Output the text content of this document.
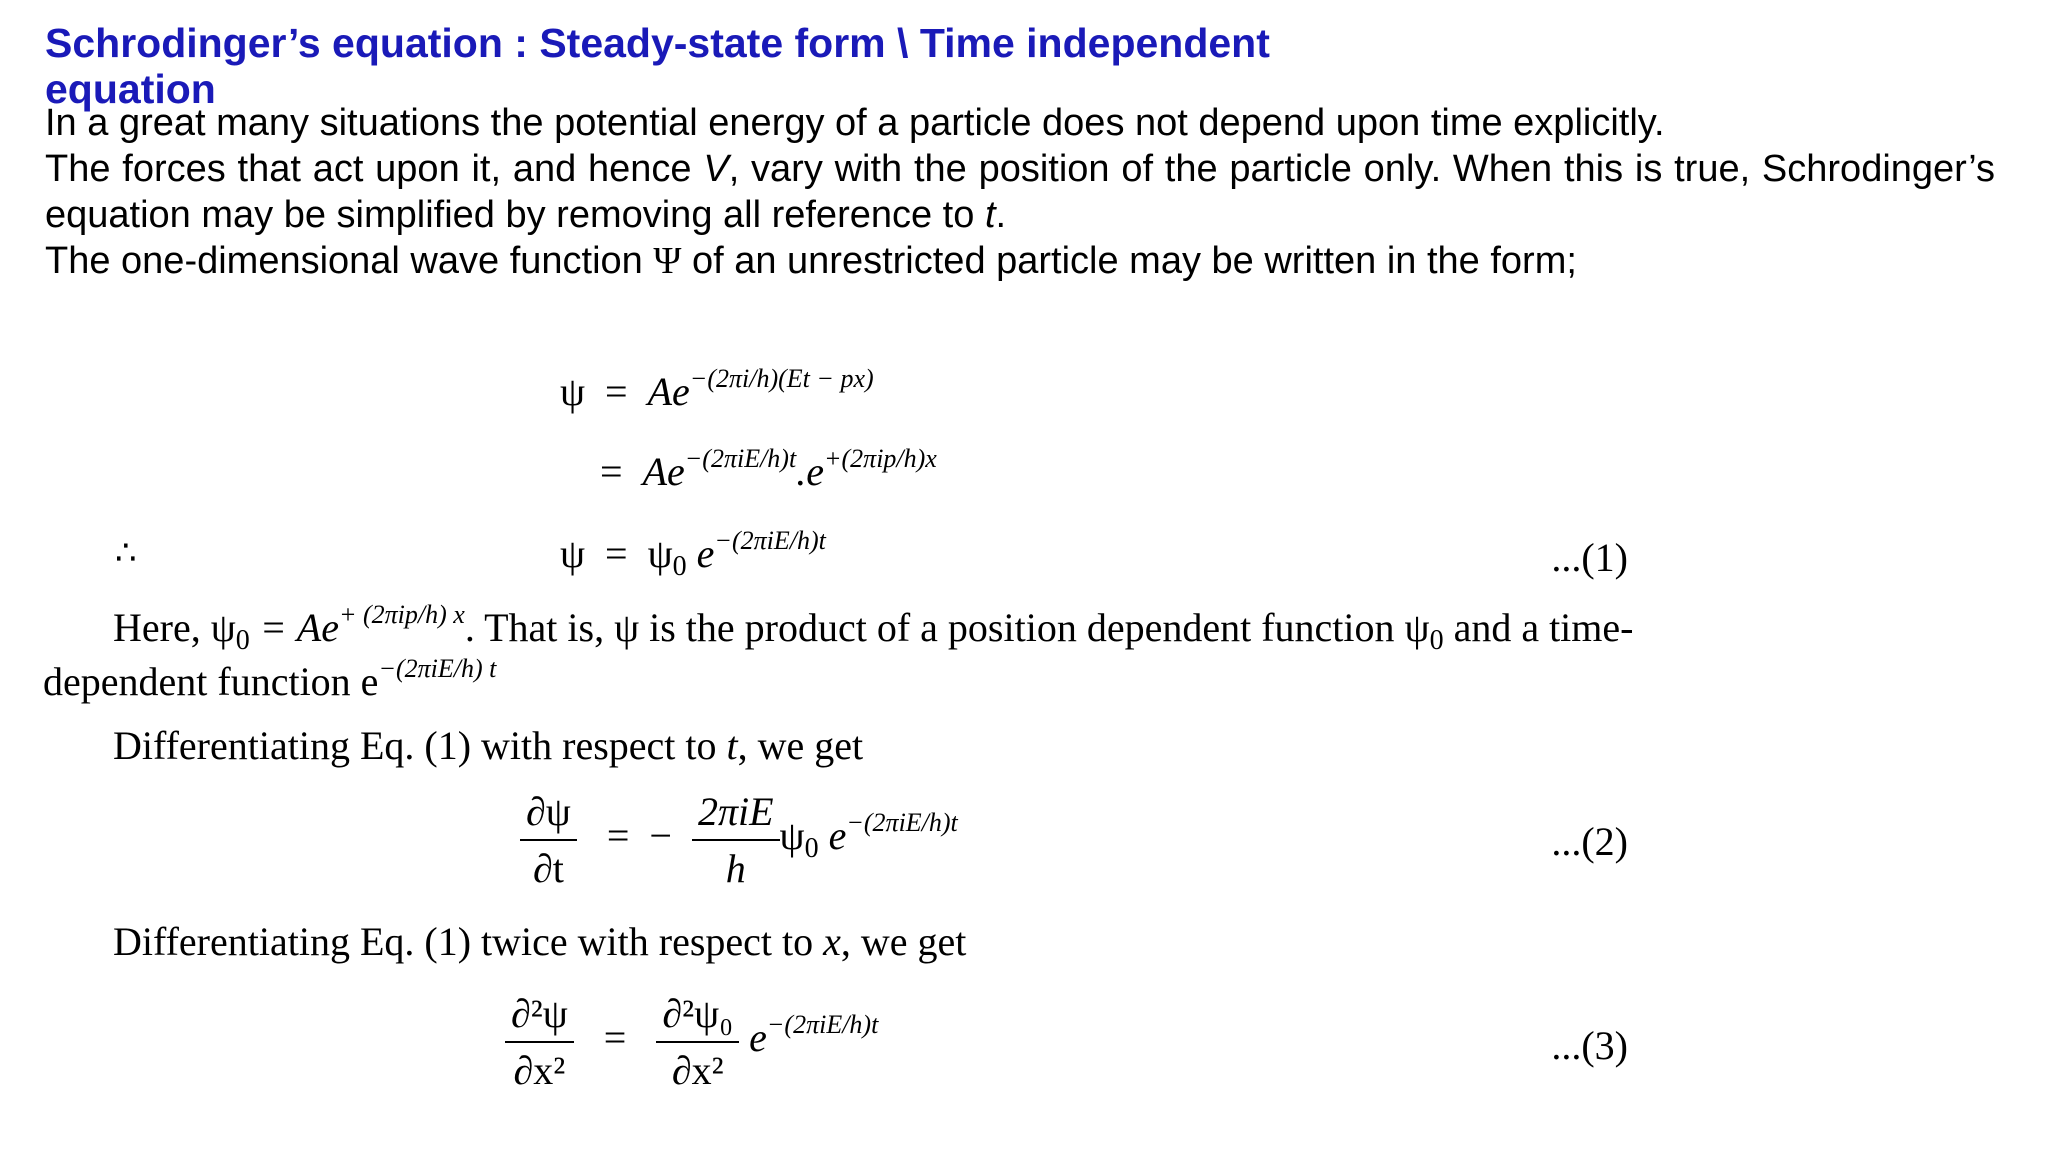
Schrodinger’s equation : Steady-state form \ Time independent equation

In a great many situations the potential energy of a particle does not depend upon time explicitly.

The forces that act upon it, and hence V, vary with the position of the particle only. When this is true, Schrodinger’s equation may be simplified by removing all reference to t.

The one-dimensional wave function Ψ of an unrestricted particle may be written in the form;

$\psi = Ae^{-(2\pi i/h)(Et - px)}$
= $Ae^{-(2\pi iE/h)t}.e^{+(2\pi ip/h)x}$
∴	$\psi = \psi_0$ $e^{-(2\pi iE/h)t}$	...(1)
Here, $\psi_0 = Ae^{+ (2\pi ip/h) x}$. That is, ψ is the product of a position dependent function $\psi_0$ and a time-
dependent function $e^{-(2\pi iE/h) t}$
Differentiating Eq. (1) with respect to t, we get
$\frac{\partial\psi}{\partial t}$ = − $\frac{\text{2πiE}}{h} \psi_0$ $e^{-(2\pi iE/h)t}$	...(2)
Differentiating Eq. (1) twice with respect to x, we get
$\frac{\text{∂²ψ}}{\text{∂x²}} = \frac{\text{∂²ψ₀}}{\text{∂x²}} e^{-(2\pi iE/h)t}$	...(3)
